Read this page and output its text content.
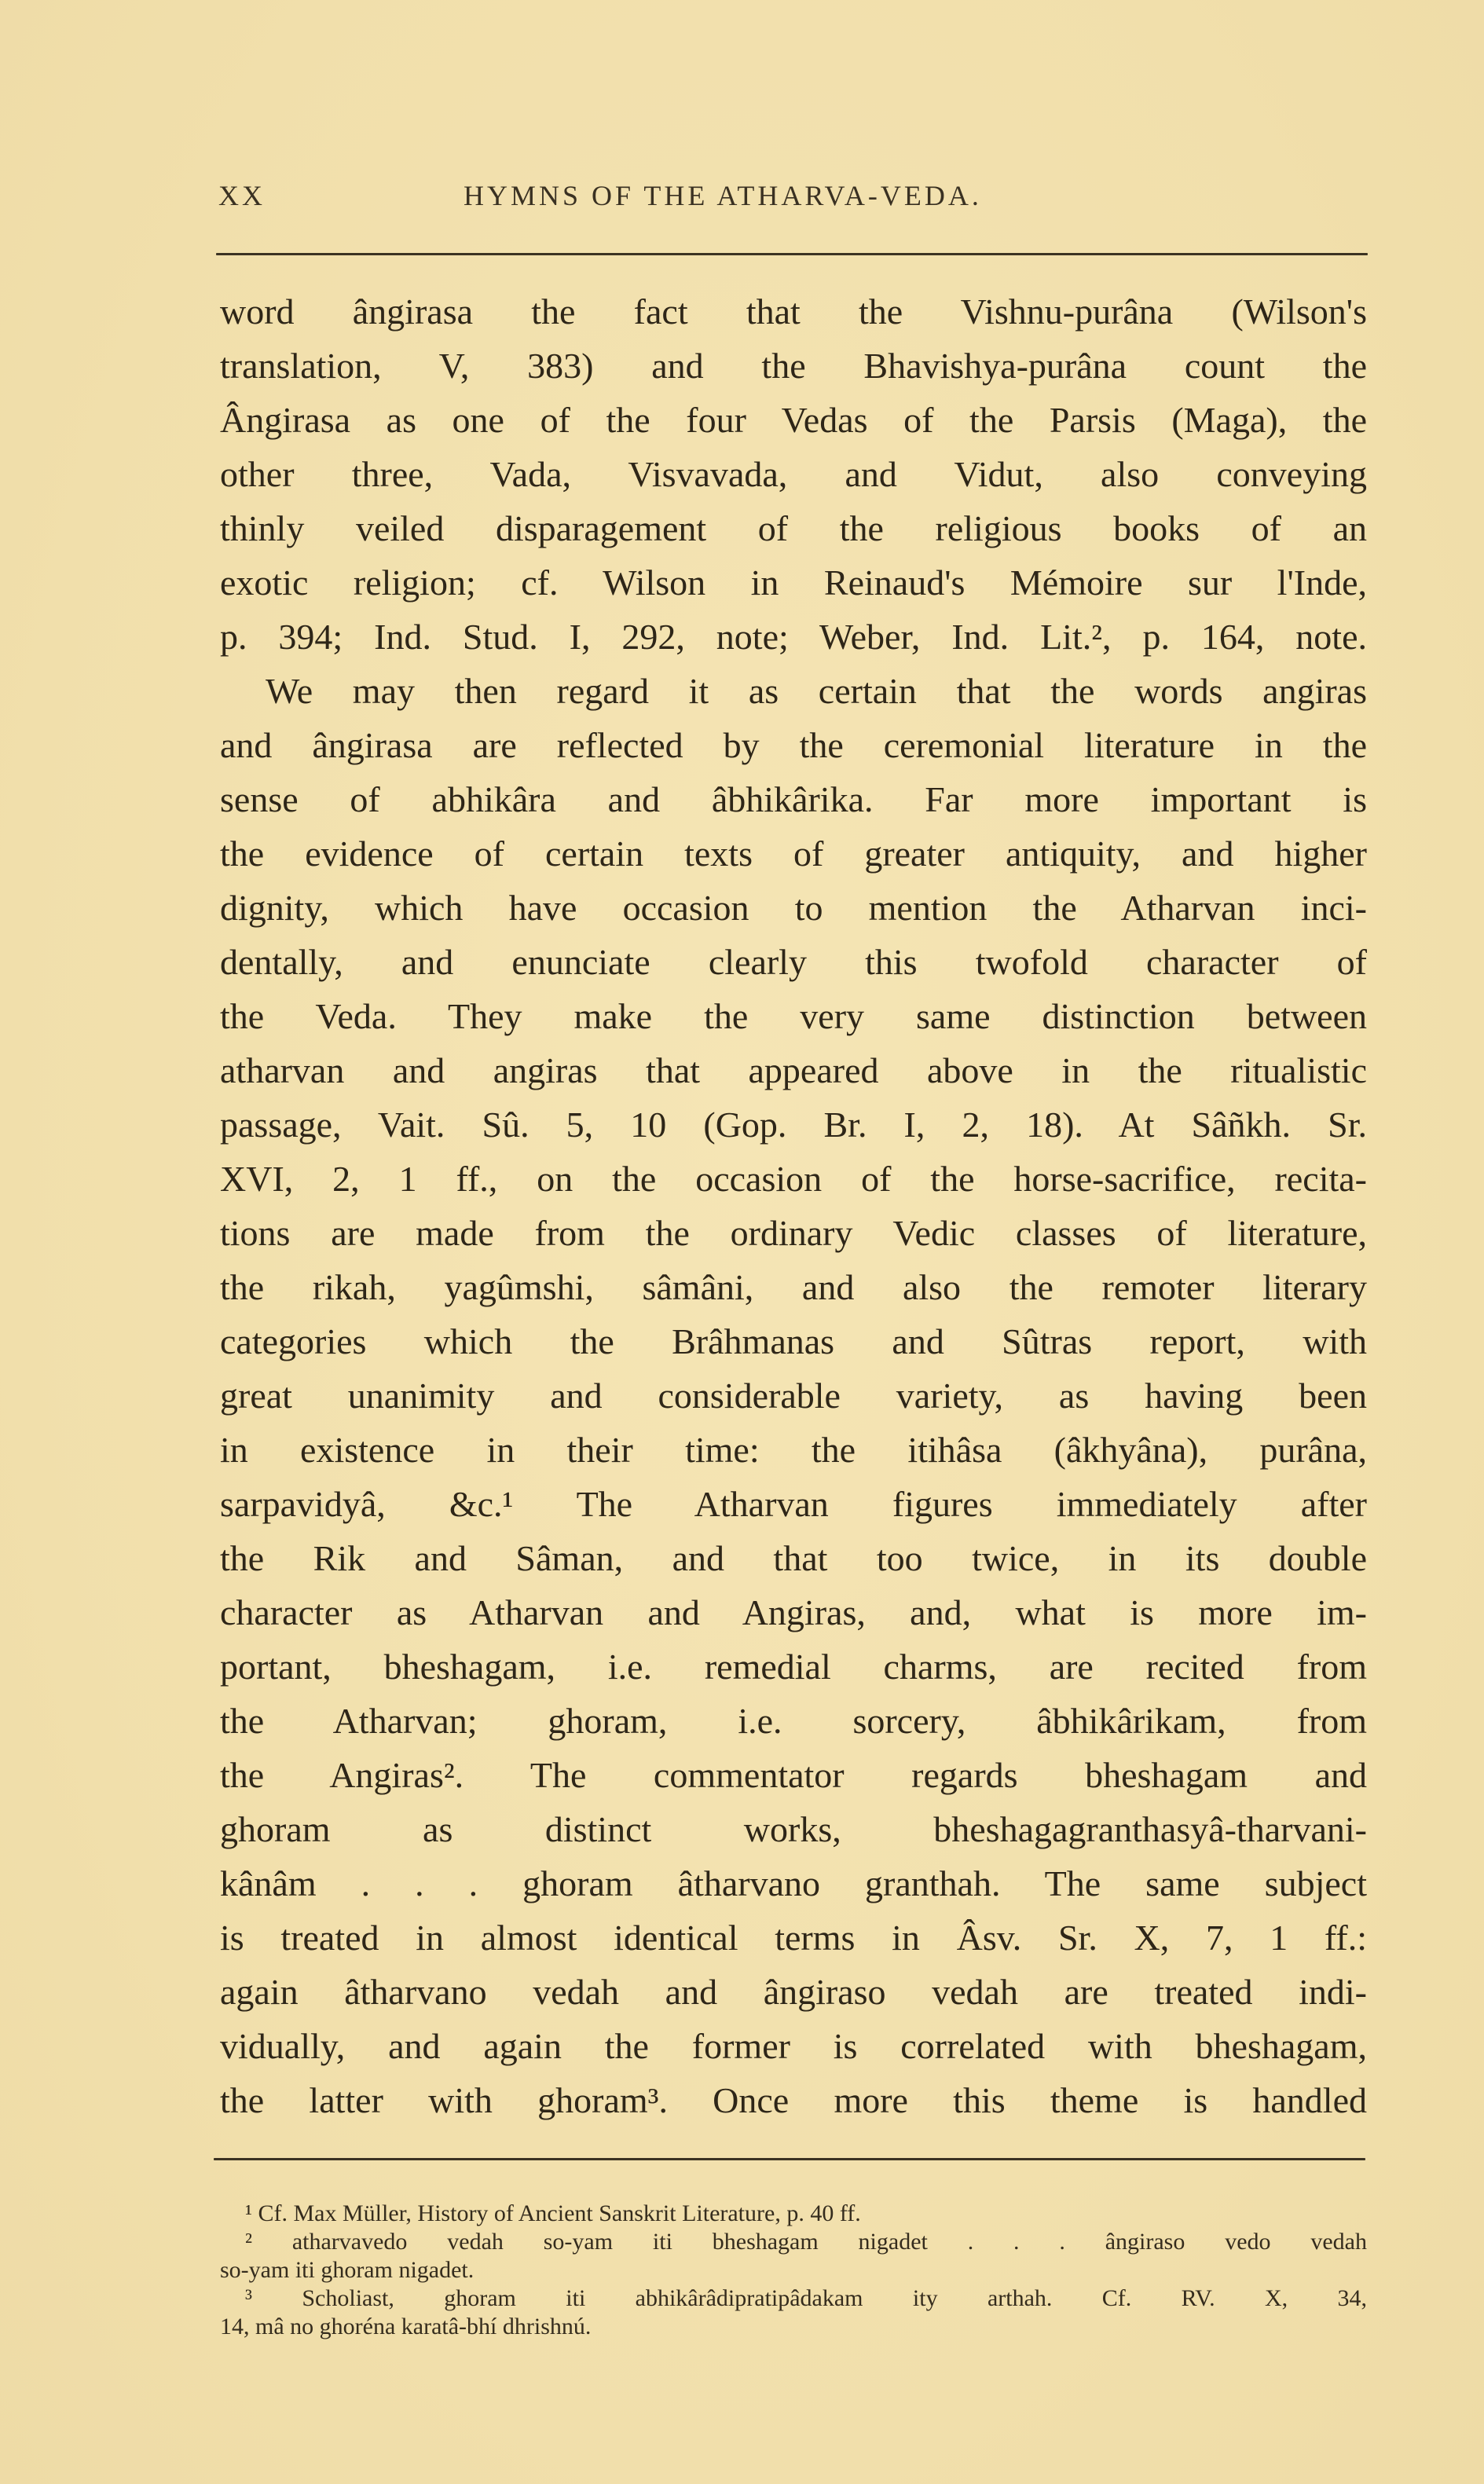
XX	HYMNS OF THE ATHARVA-VEDA.
word ângirasa the fact that the Vishnu-purâna (Wilson's
translation, V, 383) and the Bhavishya-purâna count the
Ângirasa as one of the four Vedas of the Parsis (Maga), the
other three, Vada, Visvavada, and Vidut, also conveying
thinly veiled disparagement of the religious books of an
exotic religion; cf. Wilson in Reinaud's Mémoire sur l'Inde,
p. 394; Ind. Stud. I, 292, note; Weber, Ind. Lit.², p. 164, note.
We may then regard it as certain that the words angiras
and ângirasa are reflected by the ceremonial literature in the
sense of abhikâra and âbhikârika. Far more important is
the evidence of certain texts of greater antiquity, and higher
dignity, which have occasion to mention the Atharvan inci-
dentally, and enunciate clearly this twofold character of
the Veda. They make the very same distinction between
atharvan and angiras that appeared above in the ritualistic
passage, Vait. Sû. 5, 10 (Gop. Br. I, 2, 18). At Sâñkh. Sr.
XVI, 2, 1 ff., on the occasion of the horse-sacrifice, recita-
tions are made from the ordinary Vedic classes of literature,
the rikah, yagûmshi, sâmâni, and also the remoter literary
categories which the Brâhmanas and Sûtras report, with
great unanimity and considerable variety, as having been
in existence in their time: the itihâsa (âkhyâna), purâna,
sarpavidyâ, &c.¹ The Atharvan figures immediately after
the Rik and Sâman, and that too twice, in its double
character as Atharvan and Angiras, and, what is more im-
portant, bheshagam, i.e. remedial charms, are recited from
the Atharvan; ghoram, i.e. sorcery, âbhikârikam, from
the Angiras². The commentator regards bheshagam and
ghoram as distinct works, bheshagagranthasyâ-tharvani-
kânâm . . . ghoram âtharvano granthah. The same subject
is treated in almost identical terms in Âsv. Sr. X, 7, 1 ff.:
again âtharvano vedah and ângiraso vedah are treated indi-
vidually, and again the former is correlated with bheshagam,
the latter with ghoram³. Once more this theme is handled
¹ Cf. Max Müller, History of Ancient Sanskrit Literature, p. 40 ff.
² atharvavedo vedah so-yam iti bheshagam nigadet . . . ângiraso vedo vedah
so-yam iti ghoram nigadet.
³ Scholiast, ghoram iti abhikârâdipratipâdakam ity arthah. Cf. RV. X, 34,
14, mâ no ghoréna karatâ-bhí dhrishnú.
